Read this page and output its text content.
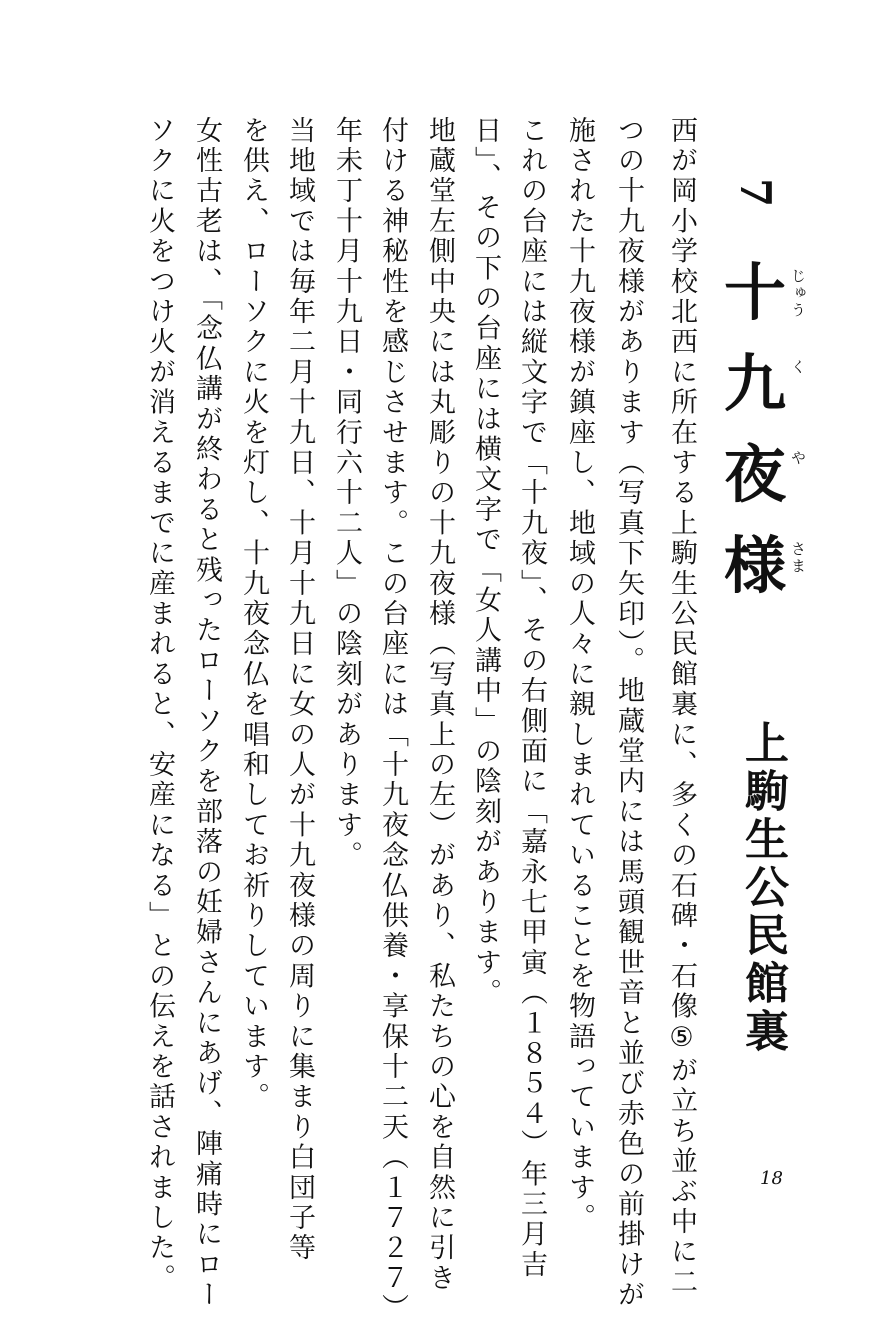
7
十 じゅう
九 く
夜 や
様 さま
上駒生公民館裏
西が岡小学校北西に所在する上駒生公民館裏に、多くの石碑・石像⑤が立ち並ぶ中に二
つの十九夜様があります（写真下矢印）。地蔵堂内には馬頭観世音と並び赤色の前掛けが
施された十九夜様が鎮座し、地域の人々に親しまれていることを物語っています。
これの台座には縦文字で「十九夜」、その右側面に「嘉永七甲寅（１８５４）年三月吉
日」、その下の台座には横文字で「女人講中」の陰刻があります。
地蔵堂左側中央には丸彫りの十九夜様（写真上の左）があり、私たちの心を自然に引き
付ける神秘性を感じさせます。この台座には「十九夜念仏供養・享保十二天（１７２７）
年未丁十月十九日・同行六十二人」の陰刻があります。
当地域では毎年二月十九日、十月十九日に女の人が十九夜様の周りに集まり白団子等
を供え、ローソクに火を灯し、十九夜念仏を唱和してお祈りしています。
女性古老は、「念仏講が終わると残ったローソクを部落の妊婦さんにあげ、陣痛時にロー
ソクに火をつけ火が消えるまでに産まれると、安産になる」との伝えを話されました。	18
